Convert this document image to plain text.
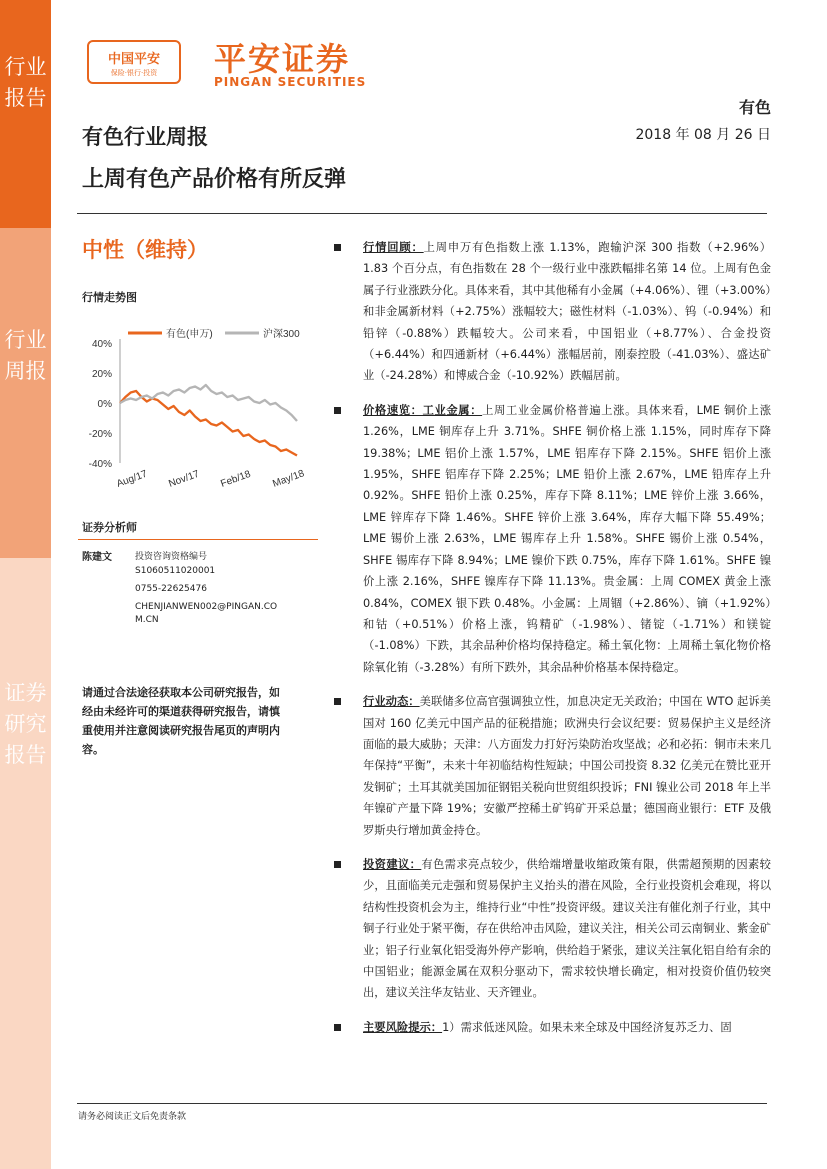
行业报告
行业周报
证券研究报告
中国平安
保险·银行·投资	平安证券
PINGAN SECURITIES
有色
2018 年 08 月 26 日
有色行业周报
上周有色产品价格有所反弹
中性（维持）
行情走势图
有色(申万)	沪深300
40%
20%
0%
-20%
-40%
Aug/17 Nov/17 Feb/18 May/18
证券分析师
陈建文	投资咨询资格编号
S1060511020001
0755-22625476
CHENJIANWEN002@PINGAN.COM.CN
请通过合法途径获取本公司研究报告，如经由未经许可的渠道获得研究报告，请慎重使用并注意阅读研究报告尾页的声明内容。
行情回顾：上周申万有色指数上涨 1.13%，跑输沪深 300 指数（+2.96%）1.83 个百分点，有色指数在 28 个一级行业中涨跌幅排名第 14 位。上周有色金属子行业涨跌分化。具体来看，其中其他稀有小金属（+4.06%）、锂（+3.00%）和非金属新材料（+2.75%）涨幅较大；磁性材料（-1.03%）、钨（-0.94%）和铅锌（-0.88%）跌幅较大。公司来看，中国铝业（+8.77%）、合金投资（+6.44%）和四通新材（+6.44%）涨幅居前，刚泰控股（-41.03%）、盛达矿业（-24.28%）和博威合金（-10.92%）跌幅居前。
价格速览：工业金属：上周工业金属价格普遍上涨。具体来看，LME 铜价上涨 1.26%，LME 铜库存上升 3.71%。SHFE 铜价格上涨 1.15%，同时库存下降 19.38%；LME 铝价上涨 1.57%，LME 铝库存下降 2.15%。SHFE 铝价上涨 1.95%，SHFE 铝库存下降 2.25%；LME 铅价上涨 2.67%，LME 铅库存上升 0.92%。SHFE 铅价上涨 0.25%，库存下降 8.11%；LME 锌价上涨 3.66%，LME 锌库存下降 1.46%。SHFE 锌价上涨 3.64%，库存大幅下降 55.49%；LME 锡价上涨 2.63%，LME 锡库存上升 1.58%。SHFE 锡价上涨 0.54%，SHFE 锡库存下降 8.94%；LME 镍价下跌 0.75%，库存下降 1.61%。SHFE 镍价上涨 2.16%，SHFE 镍库存下降 11.13%。贵金属：上周 COMEX 黄金上涨 0.84%，COMEX 银下跌 0.48%。小金属：上周锢（+2.86%）、镝（+1.92%）和钴（+0.51%）价格上涨，钨精矿（-1.98%）、锗锭（-1.71%）和镁锭（-1.08%）下跌，其余品种价格均保持稳定。稀土氧化物：上周稀土氧化物价格除氧化铕（-3.28%）有所下跌外，其余品种价格基本保持稳定。
行业动态：美联储多位高官强调独立性，加息决定无关政治；中国在 WTO 起诉美国对 160 亿美元中国产品的征税措施；欧洲央行会议纪要：贸易保护主义是经济面临的最大威胁；天津：八方面发力打好污染防治攻坚战；必和必拓：铜市未来几年保持“平衡”，未来十年初临结构性短缺；中国公司投资 8.32 亿美元在赞比亚开发铜矿；土耳其就美国加征钢铝关税向世贸组织投诉；FNI 镍业公司 2018 年上半年镍矿产量下降 19%；安徽严控稀土矿钨矿开采总量；德国商业银行：ETF 及俄罗斯央行增加黄金持仓。
投资建议：有色需求亮点较少，供给端增量收缩政策有限，供需超预期的因素较少，且面临美元走强和贸易保护主义抬头的潜在风险，全行业投资机会难现，将以结构性投资机会为主，维持行业“中性”投资评级。建议关注有催化剂子行业，其中铜子行业处于紧平衡，存在供给冲击风险，建议关注，相关公司云南铜业、紫金矿业；铝子行业氧化铝受海外停产影响，供给趋于紧张，建议关注氧化铝自给有余的中国铝业；能源金属在双积分驱动下，需求较快增长确定，相对投资价值仍较突出，建议关注华友钴业、天齐锂业。
主要风险提示：1）需求低迷风险。如果未来全球及中国经济复苏乏力、固
请务必阅读正文后免责条款
